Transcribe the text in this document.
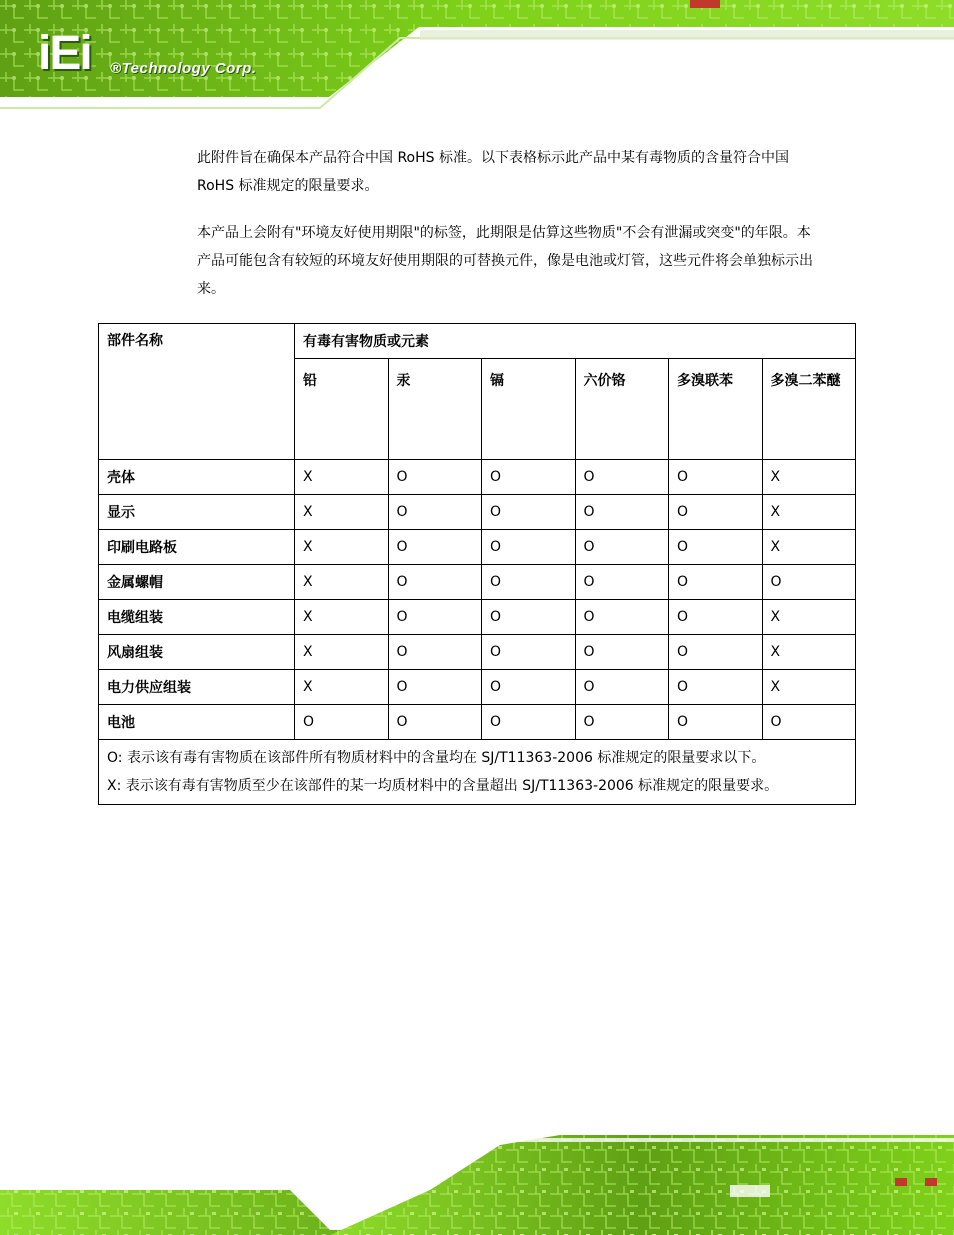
iEi ®Technology Corp.

此附件旨在确保本产品符合中国 RoHS 标准。以下表格标示此产品中某有毒物质的含量符合中国 RoHS 标准规定的限量要求。

本产品上会附有"环境友好使用期限"的标签，此期限是估算这些物质"不会有泄漏或突变"的年限。本产品可能包含有较短的环境友好使用期限的可替换元件，像是电池或灯管，这些元件将会单独标示出来。

部件名称	有毒有害物质或元素					
	铅	汞	镉	六价铬	多溴联苯	多溴二苯醚
壳体	X	O	O	O	O	X
显示	X	O	O	O	O	X
印刷电路板	X	O	O	O	O	X
金属螺帽	X	O	O	O	O	O
电缆组装	X	O	O	O	O	X
风扇组装	X	O	O	O	O	X
电力供应组装	X	O	O	O	O	X
电池	O	O	O	O	O	O

O: 表示该有毒有害物质在该部件所有物质材料中的含量均在 SJ/T11363-2006 标准规定的限量要求以下。
X: 表示该有毒有害物质至少在该部件的某一均质材料中的含量超出 SJ/T11363-2006 标准规定的限量要求。						
